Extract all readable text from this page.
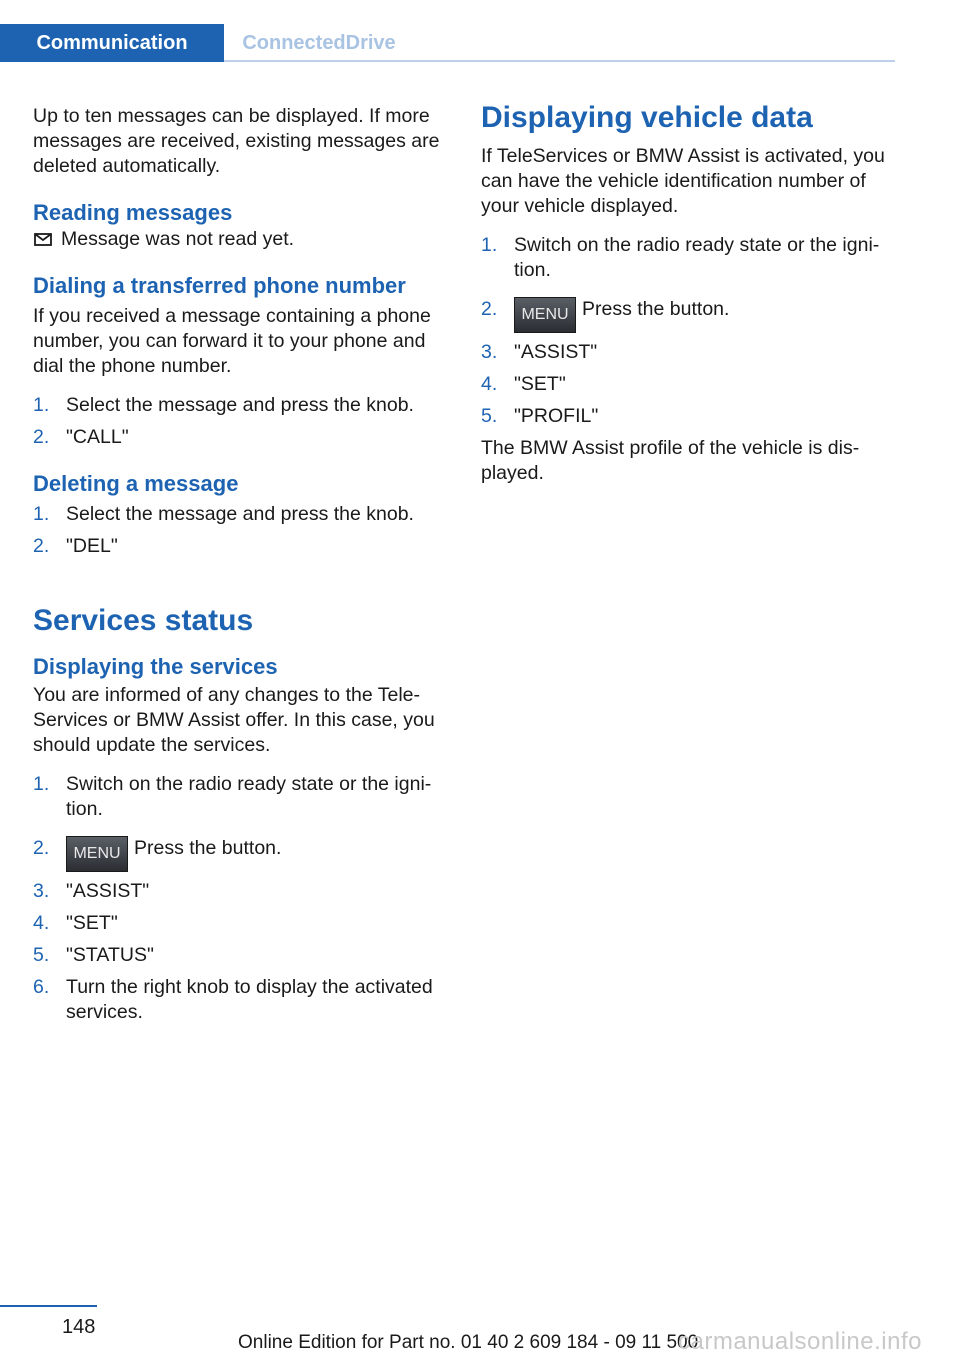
Communication	ConnectedDrive

Up to ten messages can be displayed. If more messages are received, existing messages are deleted automatically.

Reading messages

Message was not read yet.

Dialing a transferred phone number

If you received a message containing a phone number, you can forward it to your phone and dial the phone number.

1. Select the message and press the knob.
2. "CALL"
Deleting a message
1. Select the message and press the knob.
2. "DEL"
Services status
Displaying the services

You are informed of any changes to the Tele‐Services or BMW Assist offer. In this case, you should update the services.

1. Switch on the radio ready state or the igni‐tion.
2. MENU Press the button.
3. "ASSIST"
4. "SET"
5. "STATUS"
6. Turn the right knob to display the activated services.
Displaying vehicle data

If TeleServices or BMW Assist is activated, you can have the vehicle identification number of your vehicle displayed.

1. Switch on the radio ready state or the igni‐tion.
2. MENU Press the button.
3. "ASSIST"
4. "SET"
5. "PROFIL"

The BMW Assist profile of the vehicle is dis‐played.

148
Online Edition for Part no. 01 40 2 609 184 - 09 11 500
carmanualsonline.info
